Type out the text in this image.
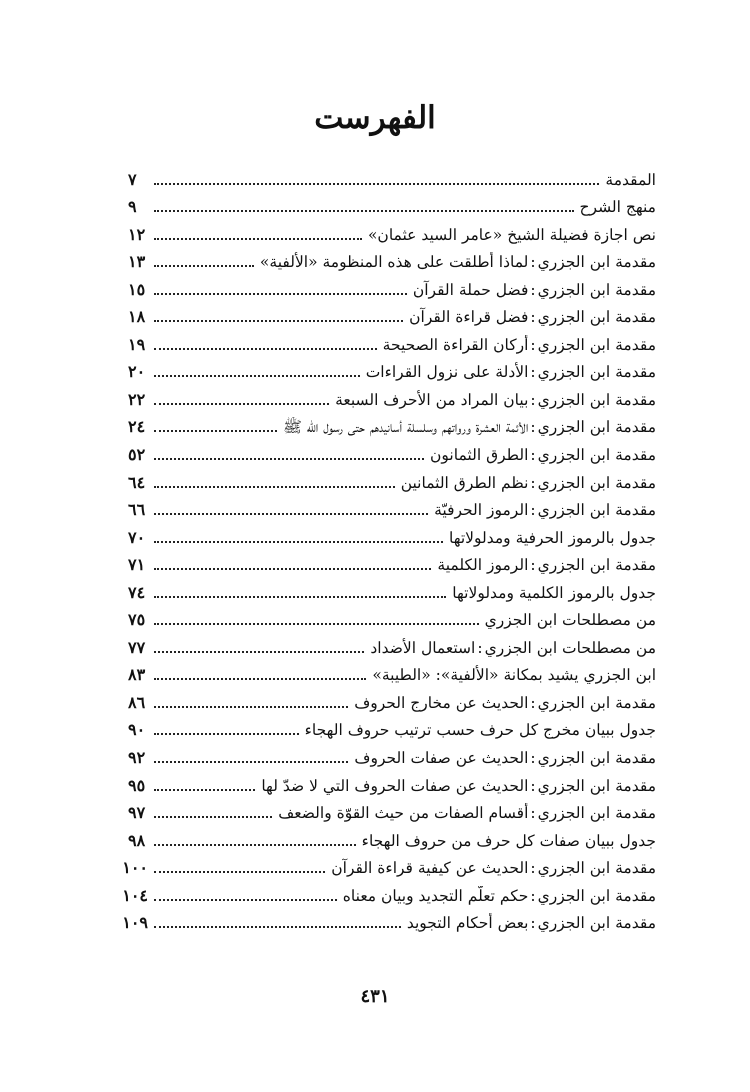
الفهرست
المقدمة
٧
منهج الشرح
٩
نص اجازة فضيلة الشيخ «عامر السيد عثمان»
١٢
مقدمة ابن الجزري:لماذا أطلقت على هذه المنظومة «الألفية»
١٣
مقدمة ابن الجزري:فضل حملة القرآن
١٥
مقدمة ابن الجزري:فضل قراءة القرآن
١٨
مقدمة ابن الجزري:أركان القراءة الصحيحة
١٩
مقدمة ابن الجزري:الأدلة على نزول القراءات
٢٠
مقدمة ابن الجزري:بيان المراد من الأحرف السبعة
٢٢
مقدمة ابن الجزري:الأئمة العشرة ورواتهم وسلسلة أسانيدهم حتى رسول الله ﷺ
٢٤
مقدمة ابن الجزري:الطرق الثمانون
٥٢
مقدمة ابن الجزري:نظم الطرق الثمانين
٦٤
مقدمة ابن الجزري:الرموز الحرفيّة
٦٦
جدول بالرموز الحرفية ومدلولاتها
٧٠
مقدمة ابن الجزري:الرموز الكلمية
٧١
جدول بالرموز الكلمية ومدلولاتها
٧٤
من مصطلحات ابن الجزري
٧٥
من مصطلحات ابن الجزري:استعمال الأضداد
٧٧
ابن الجزري يشيد بمكانة «الألفية»: «الطيبة»
٨٣
مقدمة ابن الجزري:الحديث عن مخارج الحروف
٨٦
جدول ببيان مخرج كل حرف حسب ترتيب حروف الهجاء
٩٠
مقدمة ابن الجزري:الحديث عن صفات الحروف
٩٢
مقدمة ابن الجزري:الحديث عن صفات الحروف التي لا ضدّ لها
٩٥
مقدمة ابن الجزري:أقسام الصفات من حيث القوّة والضعف
٩٧
جدول ببيان صفات كل حرف من حروف الهجاء
٩٨
مقدمة ابن الجزري:الحديث عن كيفية قراءة القرآن
١٠٠
مقدمة ابن الجزري:حكم تعلّم التجديد وبيان معناه
١٠٤
مقدمة ابن الجزري:بعض أحكام التجويد
١٠٩
٤٣١
